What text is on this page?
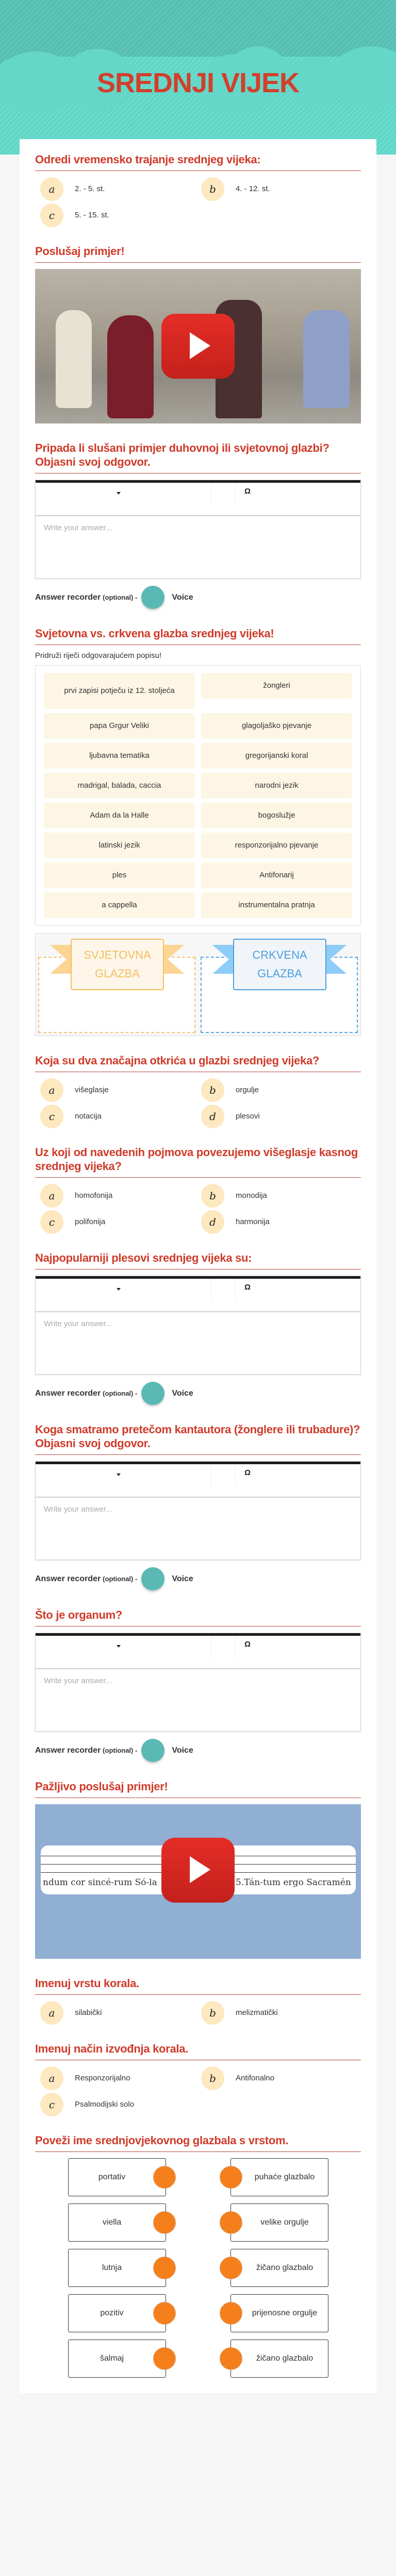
SREDNJI VIJEK
Odredi vremensko trajanje srednjeg vijeka:
a	2. - 5. st.	b	4. - 12. st.
c	5. - 15. st.
Poslušaj primjer!
Pripada li slušani primjer duhovnoj ili svjetovnoj glazbi? Objasni svoj odgovor.
Ω
Write your answer...
Answer recorder (optional) -	Voice
Svjetovna vs. crkvena glazba srednjeg vijeka!
Pridruži riječi odgovarajućem popisu!
prvi zapisi potječu iz 12. stoljeća
žongleri
papa Grgur Veliki	glagoljaško pjevanje
ljubavna tematika	gregorijanski koral
madrigal, balada, caccia	narodni jezik
Adam da la Halle	bogoslužje
latinski jezik	responzorijalno pjevanje
ples	Antifonarij
a cappella	instrumentalna pratnja
SVJETOVNA GLAZBA
CRKVENA GLAZBA
Koja su dva značajna otkrića u glazbi srednjeg vijeka?
a	višeglasje	b	orgulje
c	notacija	d	plesovi
Uz koji od navedenih pojmova povezujemo višeglasje kasnog srednjeg vijeka?
a	homofonija	b	monodija
c	polifonija	d	harmonija
Najpopularniji plesovi srednjeg vijeka su:
Ω
Write your answer...
Answer recorder (optional) -	Voice
Koga smatramo pretečom kantautora (žonglere ili trubadure)? Objasni svoj odgovor.
Ω
Write your answer...
Answer recorder (optional) -	Voice
Što je organum?
Ω
Write your answer...
Answer recorder (optional) -	Voice
Pažljivo poslušaj primjer!
ndum cor sincé-rum Só-la	5.Tán-tum ergo Sacramén
Imenuj vrstu korala.
a	silabički	b	melizmatički
Imenuj način izvođnja korala.
a	Responzorijalno	b	Antifonalno
c	Psalmodijski solo
Poveži ime srednjovjekovnog glazbala s vrstom.
portativ
viella
lutnja
pozitiv
šalmaj
puhaće glazbalo
velike orgulje
žičano glazbalo
prijenosne orgulje
žičano glazbalo
